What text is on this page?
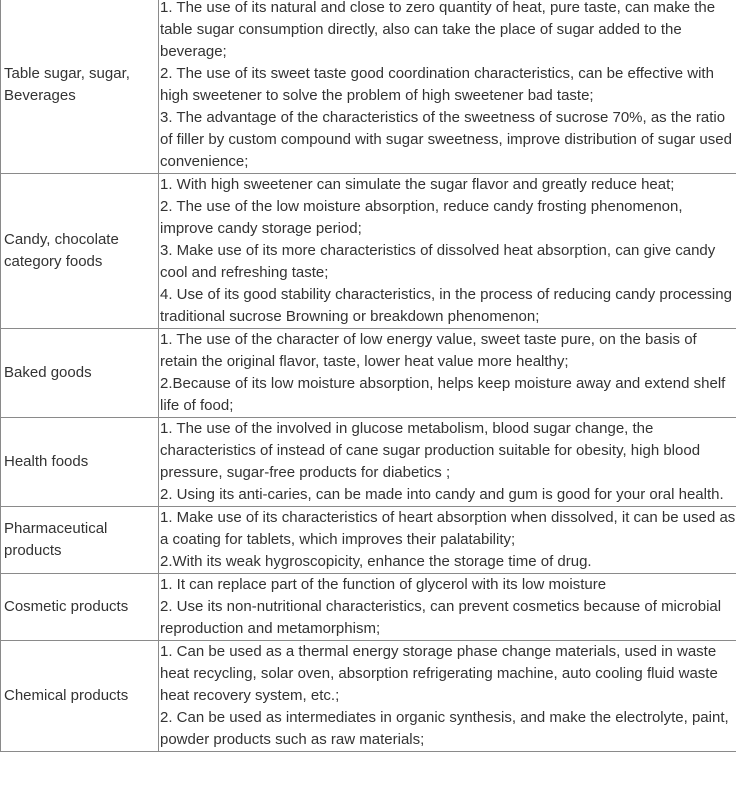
Table sugar, sugar, Beverages	1. The use of its natural and close to zero quantity of heat, pure taste, can make the table sugar consumption directly, also can take the place of sugar added to the beverage;
2. The use of its sweet taste good coordination characteristics, can be effective with high sweetener to solve the problem of high sweetener bad taste;
3. The advantage of the characteristics of the sweetness of sucrose 70%, as the ratio of filler by custom compound with sugar sweetness, improve distribution of sugar used convenience;

Candy, chocolate category foods	1. With high sweetener can simulate the sugar flavor and greatly reduce heat;
2. The use of the low moisture absorption, reduce candy frosting phenomenon, improve candy storage period;
3. Make use of its more characteristics of dissolved heat absorption, can give candy cool and refreshing taste;
4. Use of its good stability characteristics, in the process of reducing candy processing traditional sucrose Browning or breakdown phenomenon;

Baked goods	1. The use of the character of low energy value, sweet taste pure, on the basis of retain the original flavor, taste, lower heat value more healthy;
2.Because of its low moisture absorption, helps keep moisture away and extend shelf life of food;

Health foods	1. The use of the involved in glucose metabolism, blood sugar change, the characteristics of instead of cane sugar production suitable for obesity, high blood pressure, sugar-free products for diabetics ;
2. Using its anti-caries, can be made into candy and gum is good for your oral health.

Pharmaceutical products	1. Make use of its characteristics of heart absorption when dissolved, it can be used as a coating for tablets, which improves their palatability;
2.With its weak hygroscopicity, enhance the storage time of drug.

Cosmetic products	1. It can replace part of the function of glycerol with its low moisture
2. Use its non-nutritional characteristics, can prevent cosmetics because of microbial reproduction and metamorphism;

Chemical products	1. Can be used as a thermal energy storage phase change materials, used in waste heat recycling, solar oven, absorption refrigerating machine, auto cooling fluid waste heat recovery system, etc.;
2. Can be used as intermediates in organic synthesis, and make the electrolyte, paint, powder products such as raw materials;
